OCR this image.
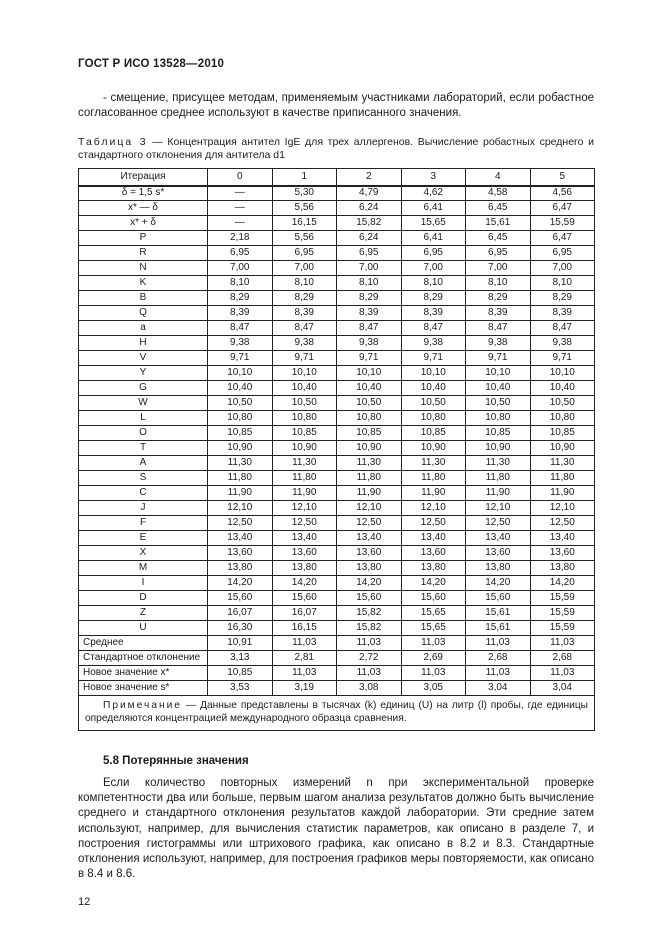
ГОСТ Р ИСО 13528—2010

- смещение, присущее методам, применяемым участниками лабораторий, если робастное согласованное среднее используют в качестве приписанного значения.

Таблица 3 — Концентрация антител IgE для трех аллергенов. Вычисление робастных среднего и стандартного отклонения для антитела d1

Итерация	0	1	2	3	4	5
δ = 1,5 s*	—	5,30	4,79	4,62	4,58	4,56
x* — δ	—	5,56	6,24	6,41	6,45	6,47
x* + δ	—	16,15	15,82	15,65	15,61	15,59
P	2,18	5,56	6,24	6,41	6,45	6,47
R	6,95	6,95	6,95	6,95	6,95	6,95
N	7,00	7,00	7,00	7,00	7,00	7,00
K	8,10	8,10	8,10	8,10	8,10	8,10
B	8,29	8,29	8,29	8,29	8,29	8,29
Q	8,39	8,39	8,39	8,39	8,39	8,39
a	8,47	8,47	8,47	8,47	8,47	8,47
H	9,38	9,38	9,38	9,38	9,38	9,38
V	9,71	9,71	9,71	9,71	9,71	9,71
Y	10,10	10,10	10,10	10,10	10,10	10,10
G	10,40	10,40	10,40	10,40	10,40	10,40
W	10,50	10,50	10,50	10,50	10,50	10,50
L	10,80	10,80	10,80	10,80	10,80	10,80
O	10,85	10,85	10,85	10,85	10,85	10,85
T	10,90	10,90	10,90	10,90	10,90	10,90
A	11,30	11,30	11,30	11,30	11,30	11,30
S	11,80	11,80	11,80	11,80	11,80	11,80
C	11,90	11,90	11,90	11,90	11,90	11,90
J	12,10	12,10	12,10	12,10	12,10	12,10
F	12,50	12,50	12,50	12,50	12,50	12,50
E	13,40	13,40	13,40	13,40	13,40	13,40
X	13,60	13,60	13,60	13,60	13,60	13,60
M	13,80	13,80	13,80	13,80	13,80	13,80
I	14,20	14,20	14,20	14,20	14,20	14,20
D	15,60	15,60	15,60	15,60	15,60	15,59
Z	16,07	16,07	15,82	15,65	15,61	15,59
U	16,30	16,15	15,82	15,65	15,61	15,59
Среднее	10,91	11,03	11,03	11,03	11,03	11,03
Стандартное отклонение	3,13	2,81	2,72	2,69	2,68	2,68
Новое значение x*	10,85	11,03	11,03	11,03	11,03	11,03
Новое значение s*	3,53	3,19	3,08	3,05	3,04	3,04

Примечание — Данные представлены в тысячах (k) единиц (U) на литр (l) пробы, где единицы определяются концентрацией международного образца сравнения.						

5.8 Потерянные значения

Если количество повторных измерений n при экспериментальной проверке компетентности два или больше, первым шагом анализа результатов должно быть вычисление среднего и стандартного отклонения результатов каждой лаборатории. Эти средние затем используют, например, для вычисления статистик параметров, как описано в разделе 7, и построения гистограммы или штрихового графика, как описано в 8.2 и 8.3. Стандартные отклонения используют, например, для построения графиков меры повторяемости, как описано в 8.4 и 8.6.

12
